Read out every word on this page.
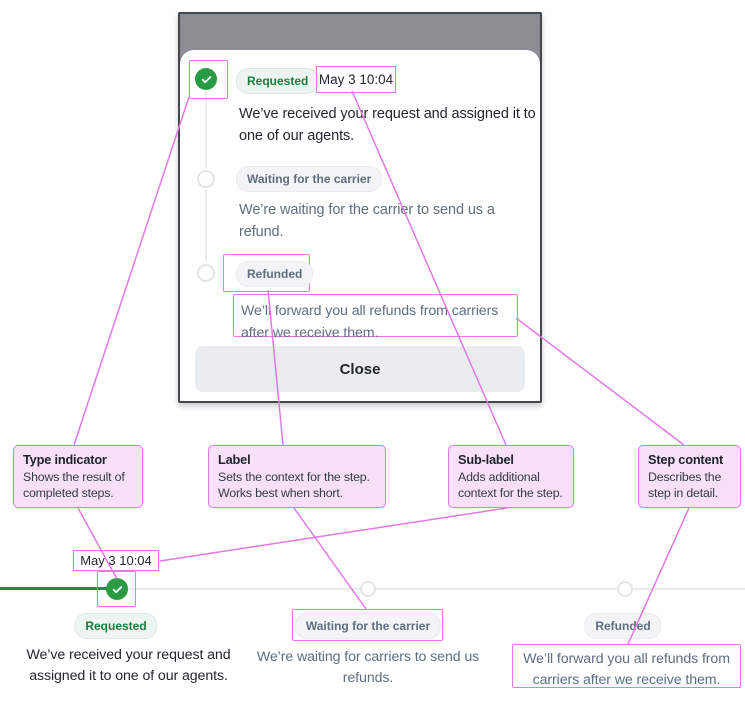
Requested May 3 10:04
We’ve received your request and assigned it to one of our agents.
Waiting for the carrier
We’re waiting for the carrier to send us a refund.
Refunded
We’ll forward you all refunds from carriers after we receive them.
Close
Type indicator
Shows the result of completed steps.
Label
Sets the context for the step. Works best when short.
Sub-label
Adds additional context for the step.
Step content
Describes the step in detail.
May 3 10:04
Requested
We’ve received your request and assigned it to one of our agents.
Waiting for the carrier
We’re waiting for carriers to send us refunds.
Refunded
We’ll forward you all refunds from carriers after we receive them.
